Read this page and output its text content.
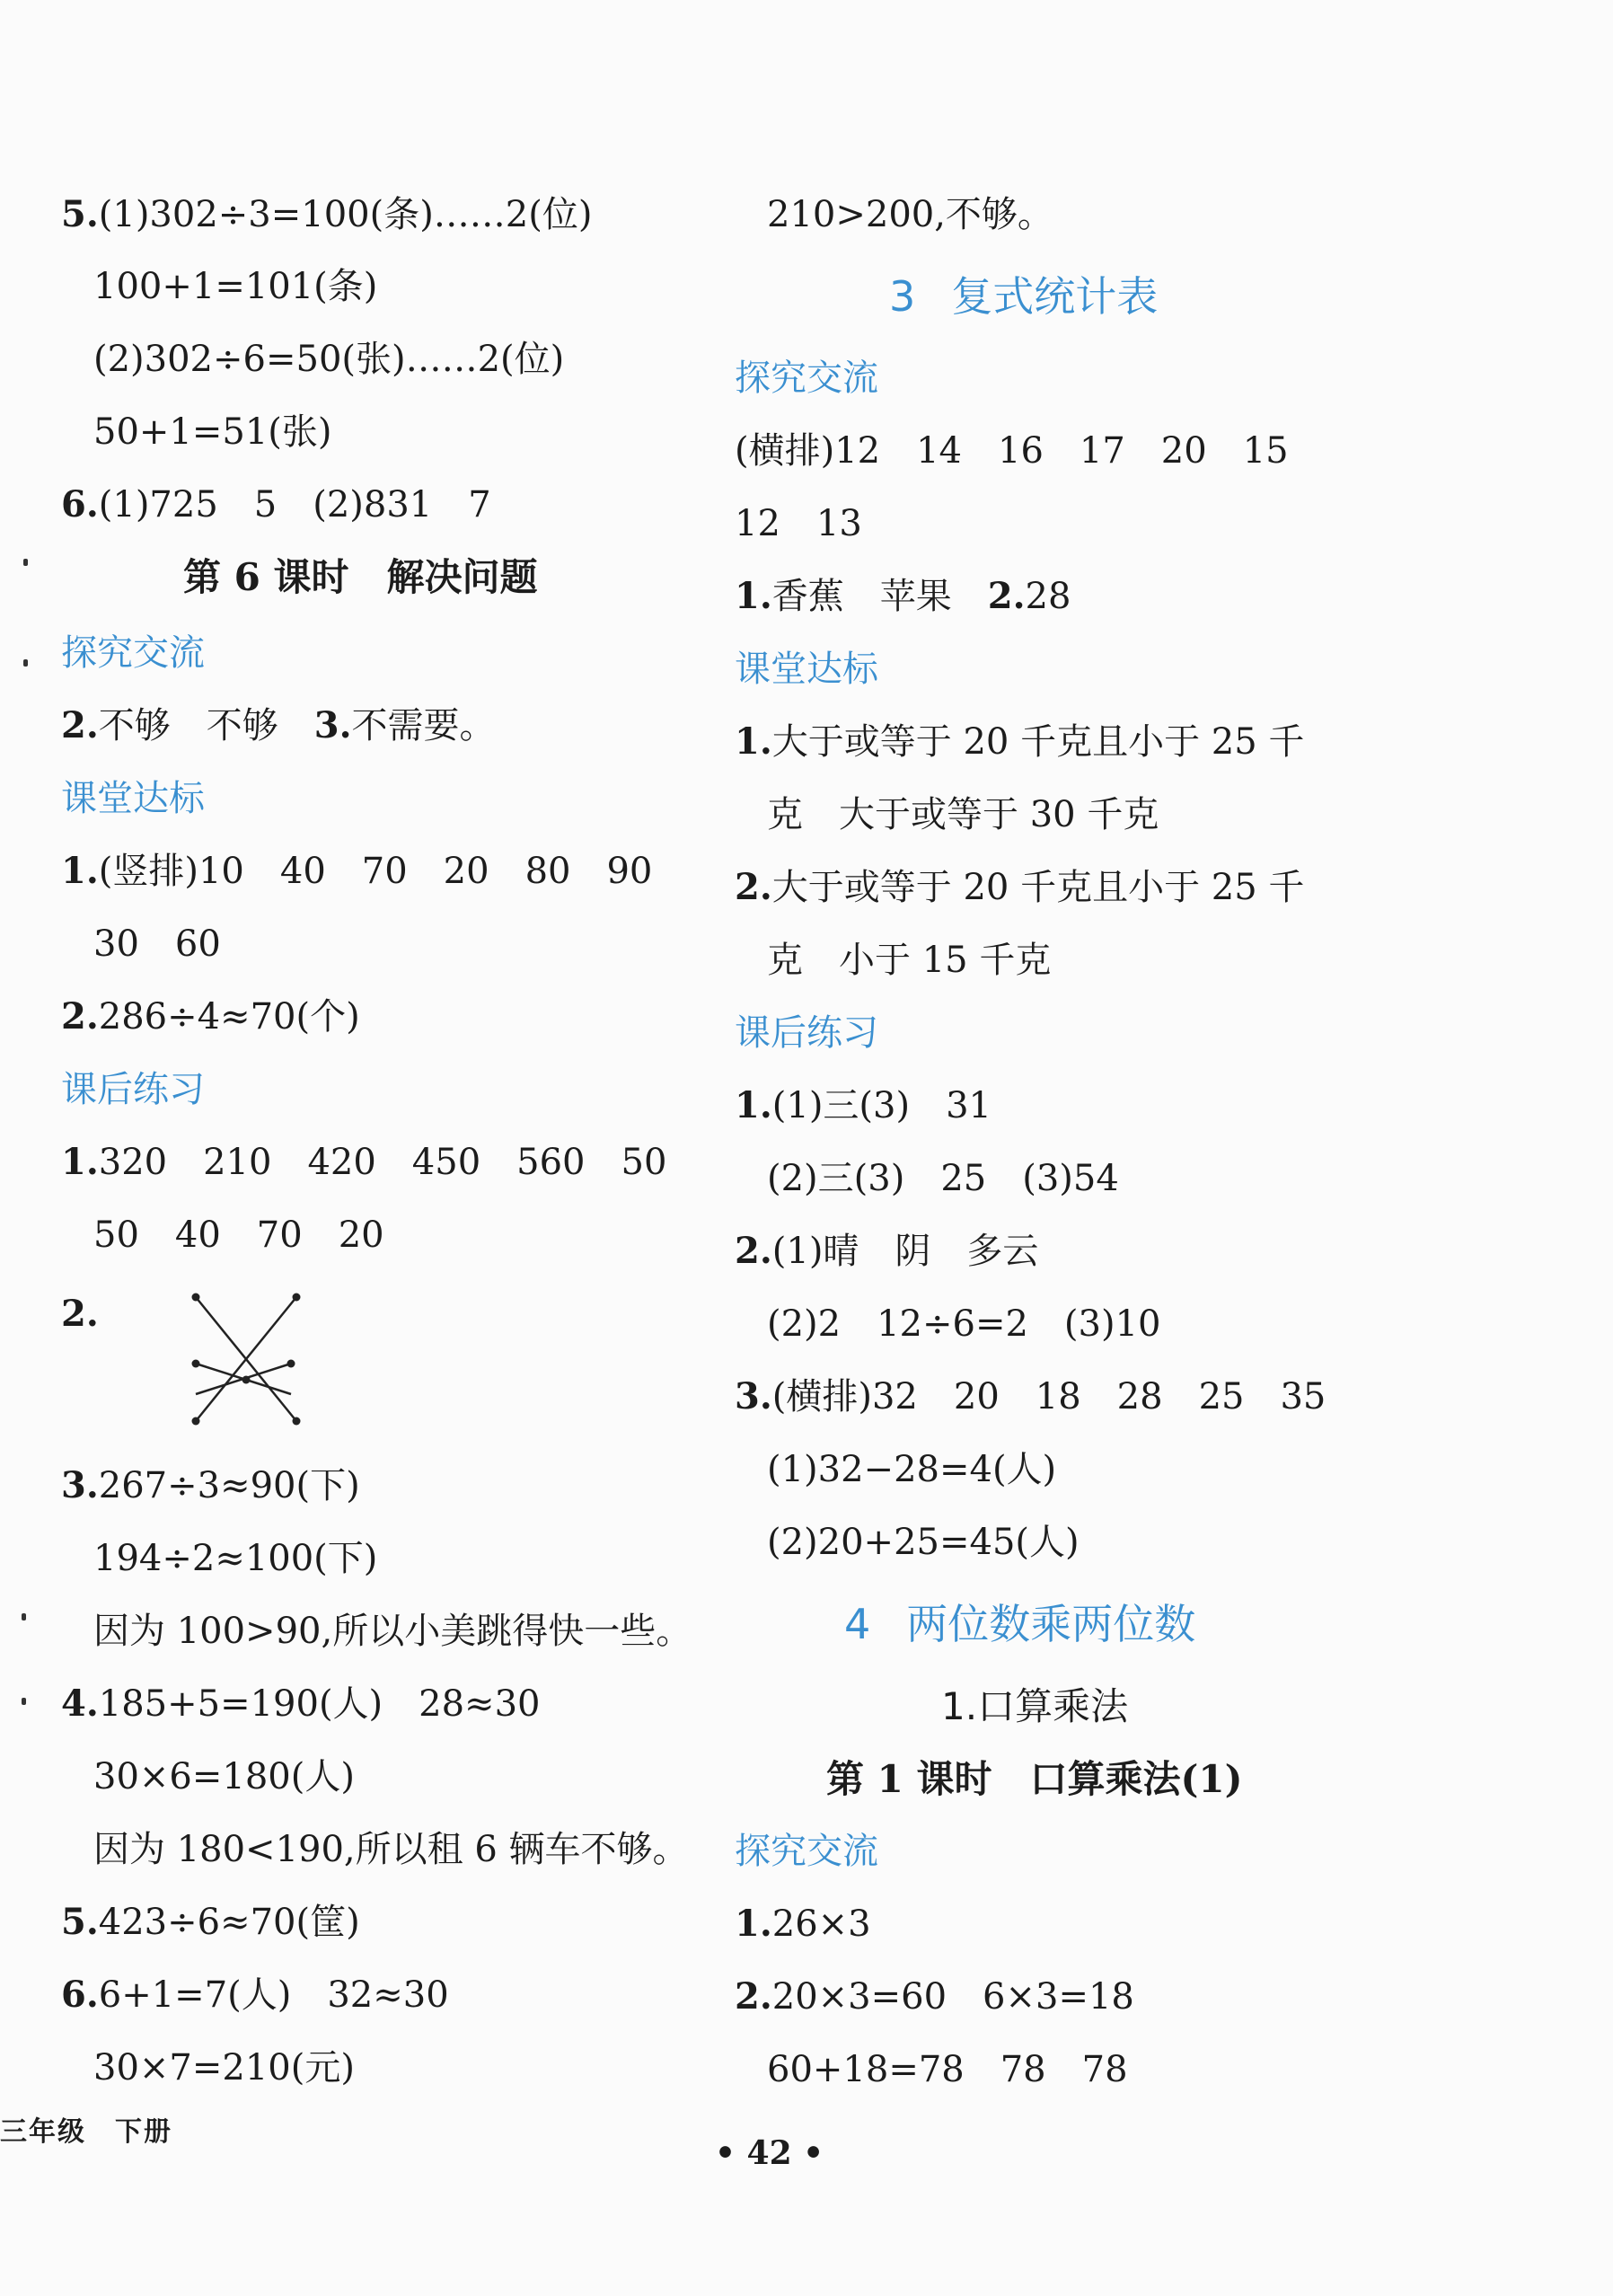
5.(1)302÷3=100(条)……2(位)
100+1=101(条)
(2)302÷6=50(张)……2(位)
50+1=51(张)
6.(1)725　5　(2)831　7
第 6 课时　解决问题
探究交流
2.不够　不够　3.不需要。
课堂达标
1.(竖排)10　40　70　20　80　90
30　60
2.286÷4≈70(个)
课后练习
1.320　210　420　450　560　50
50　40　70　20
2.
3.267÷3≈90(下)
194÷2≈100(下)
因为 100>90,所以小美跳得快一些。
4.185+5=190(人)　28≈30
30×6=180(人)
因为 180<190,所以租 6 辆车不够。
5.423÷6≈70(筐)
6.6+1=7(人)　32≈30
30×7=210(元)
210>200,不够。
3 复式统计表
探究交流
(横排)12　14　16　17　20　15
12　13
1.香蕉　苹果　2.28
课堂达标
1.大于或等于 20 千克且小于 25 千
克　大于或等于 30 千克
2.大于或等于 20 千克且小于 25 千
克　小于 15 千克
课后练习
1.(1)三(3)　31
(2)三(3)　25　(3)54
2.(1)晴　阴　多云
(2)2　12÷6=2　(3)10
3.(横排)32　20　18　28　25　35
(1)32−28=4(人)
(2)20+25=45(人)
4 两位数乘两位数
1.口算乘法
第 1 课时　口算乘法(1)
探究交流
1.26×3
2.20×3=60　6×3=18
60+18=78　78　78
三年级　下册
• 42 •
